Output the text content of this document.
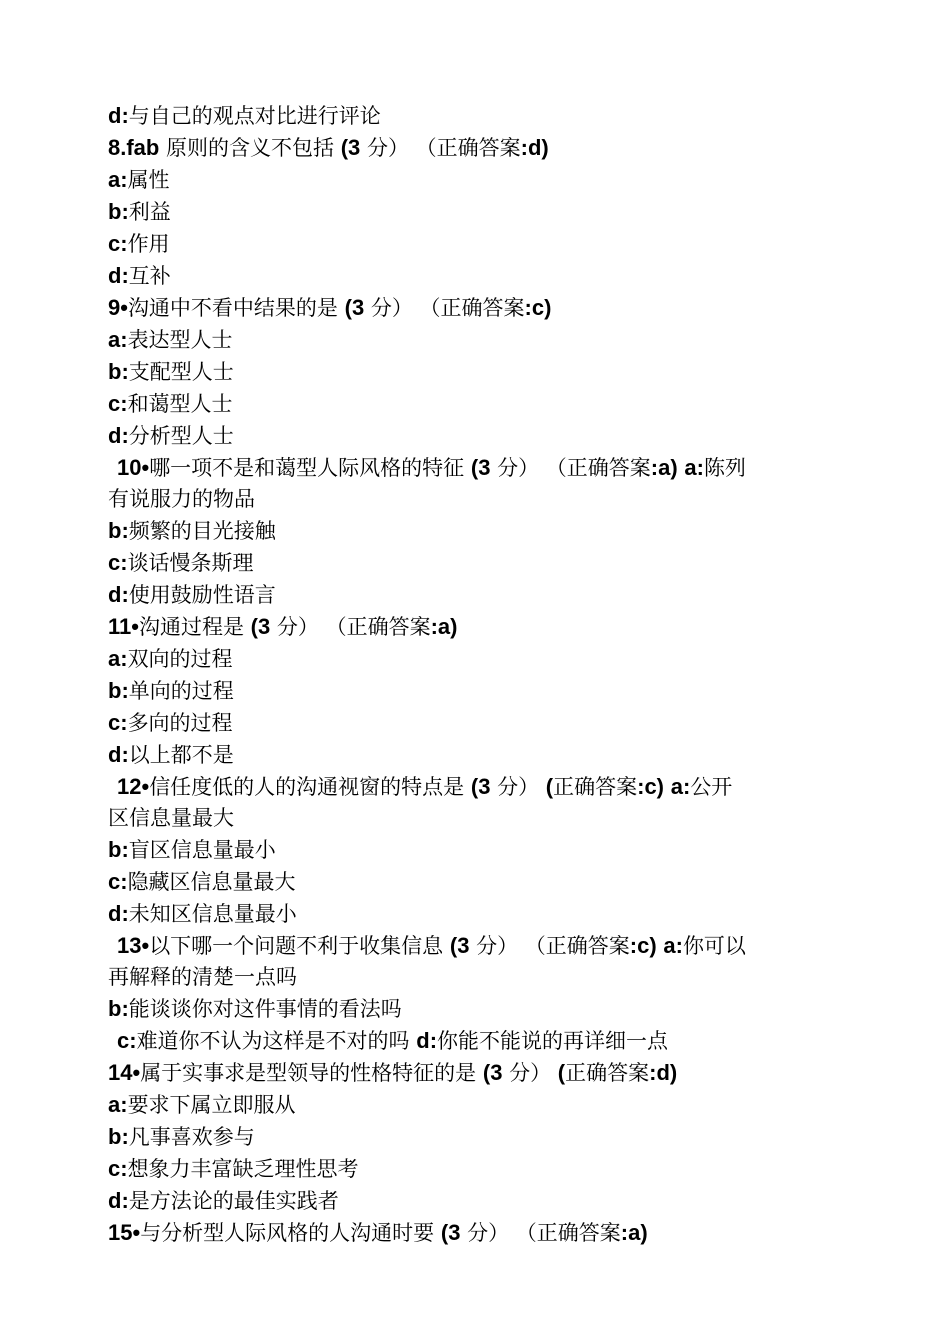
d:与自己的观点对比进行评论
8.fab 原则的含义不包括 (3 分） （正确答案:d)
a:属性
b:利益
c:作用
d:互补
9•沟通中不看中结果的是 (3 分） （正确答案:c)
a:表达型人士
b:支配型人士
c:和蔼型人士
d:分析型人士
10•哪一项不是和蔼型人际风格的特征 (3 分） （正确答案:a) a:陈列
有说服力的物品
b:频繁的目光接触
c:谈话慢条斯理
d:使用鼓励性语言
11•沟通过程是 (3 分） （正确答案:a)
a:双向的过程
b:单向的过程
c:多向的过程
d:以上都不是
12•信任度低的人的沟通视窗的特点是 (3 分） (正确答案:c) a:公开
区信息量最大
b:盲区信息量最小
c:隐藏区信息量最大
d:未知区信息量最小
13•以下哪一个问题不利于收集信息 (3 分） （正确答案:c) a:你可以
再解释的清楚一点吗
b:能谈谈你对这件事情的看法吗
c:难道你不认为这样是不对的吗 d:你能不能说的再详细一点
14•属于实事求是型领导的性格特征的是 (3 分） (正确答案:d)
a:要求下属立即服从
b:凡事喜欢参与
c:想象力丰富缺乏理性思考
d:是方法论的最佳实践者
15•与分析型人际风格的人沟通时要 (3 分） （正确答案:a)
